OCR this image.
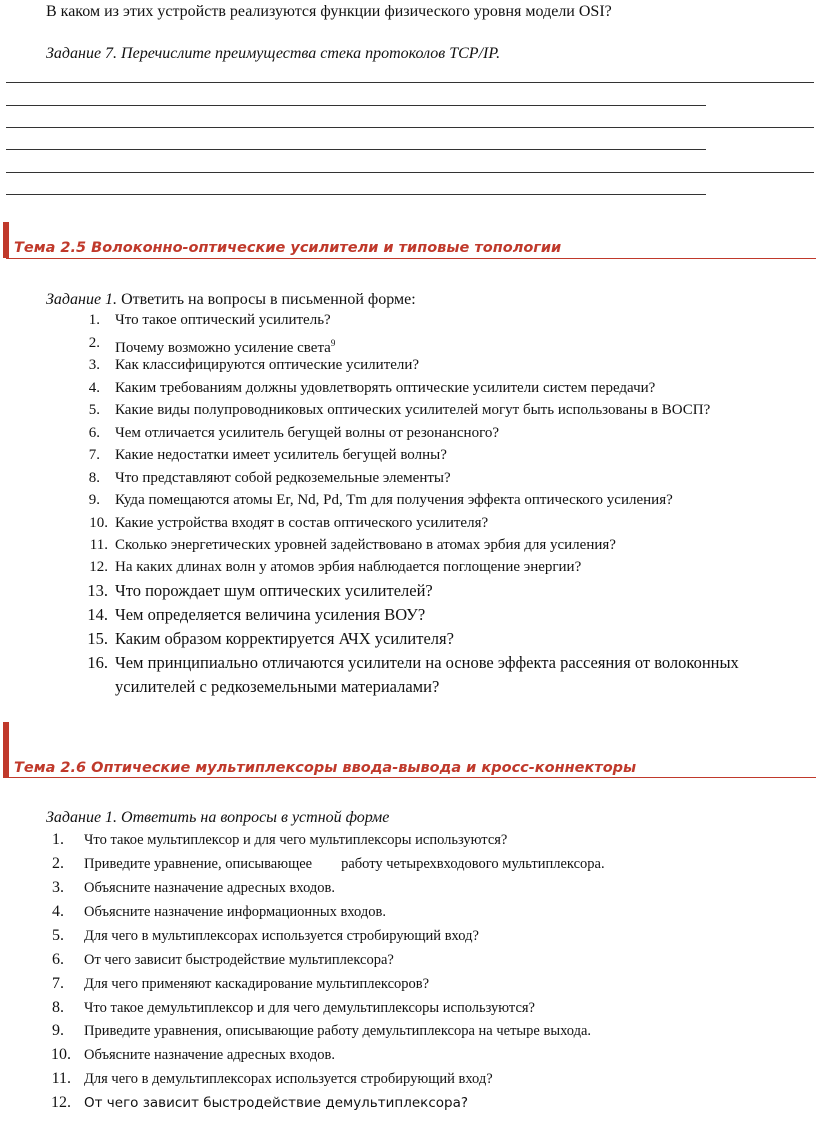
В каком из этих устройств реализуются функции физического уровня модели OSI?
Задание 7. Перечислите преимущества стека протоколов TCP/IP.
Тема 2.5 Волоконно-оптические усилители и типовые топологии
Задание 1. Ответить на вопросы в письменной форме:
1. Что такое оптический усилитель?
2. Почему возможно усиление света$^9$
3. Как классифицируются оптические усилители?
4. Каким требованиям должны удовлетворять оптические усилители систем передачи?
5. Какие виды полупроводниковых оптических усилителей могут быть использованы в ВОСП?
6. Чем отличается усилитель бегущей волны от резонансного?
7. Какие недостатки имеет усилитель бегущей волны?
8. Что представляют собой редкоземельные элементы?
9. Куда помещаются атомы Er, Nd, Pd, Tm для получения эффекта оптического усиления?
10. Какие устройства входят в состав оптического усилителя?
11. Сколько энергетических уровней задействовано в атомах эрбия для усиления?
12. На каких длинах волн у атомов эрбия наблюдается поглощение энергии?
13. Что порождает шум оптических усилителей?
14. Чем определяется величина усиления ВОУ?
15. Каким образом корректируется АЧХ усилителя?
16. Чем принципиально отличаются усилители на основе эффекта рассеяния от волоконных
усилителей с редкоземельными материалами?
Тема 2.6 Оптические мультиплексоры ввода-вывода и кросс-коннекторы
Задание 1. Ответить на вопросы в устной форме
1. Что такое мультиплексор и для чего мультиплексоры используются?
2. Приведите уравнение, описывающее        работу четырехвходового мультиплексора.
3. Объясните назначение адресных входов.
4. Объясните назначение информационных входов.
5. Для чего в мультиплексорах используется стробирующий вход?
6. От чего зависит быстродействие мультиплексора?
7. Для чего применяют каскадирование мультиплексоров?
8. Что такое демультиплексор и для чего демультиплексоры используются?
9. Приведите уравнения, описывающие работу демультиплексора на четыре выхода.
10. Объясните назначение адресных входов.
11. Для чего в демультиплексорах используется стробирующий вход?
12. От чего зависит быстродействие демультиплексора?
